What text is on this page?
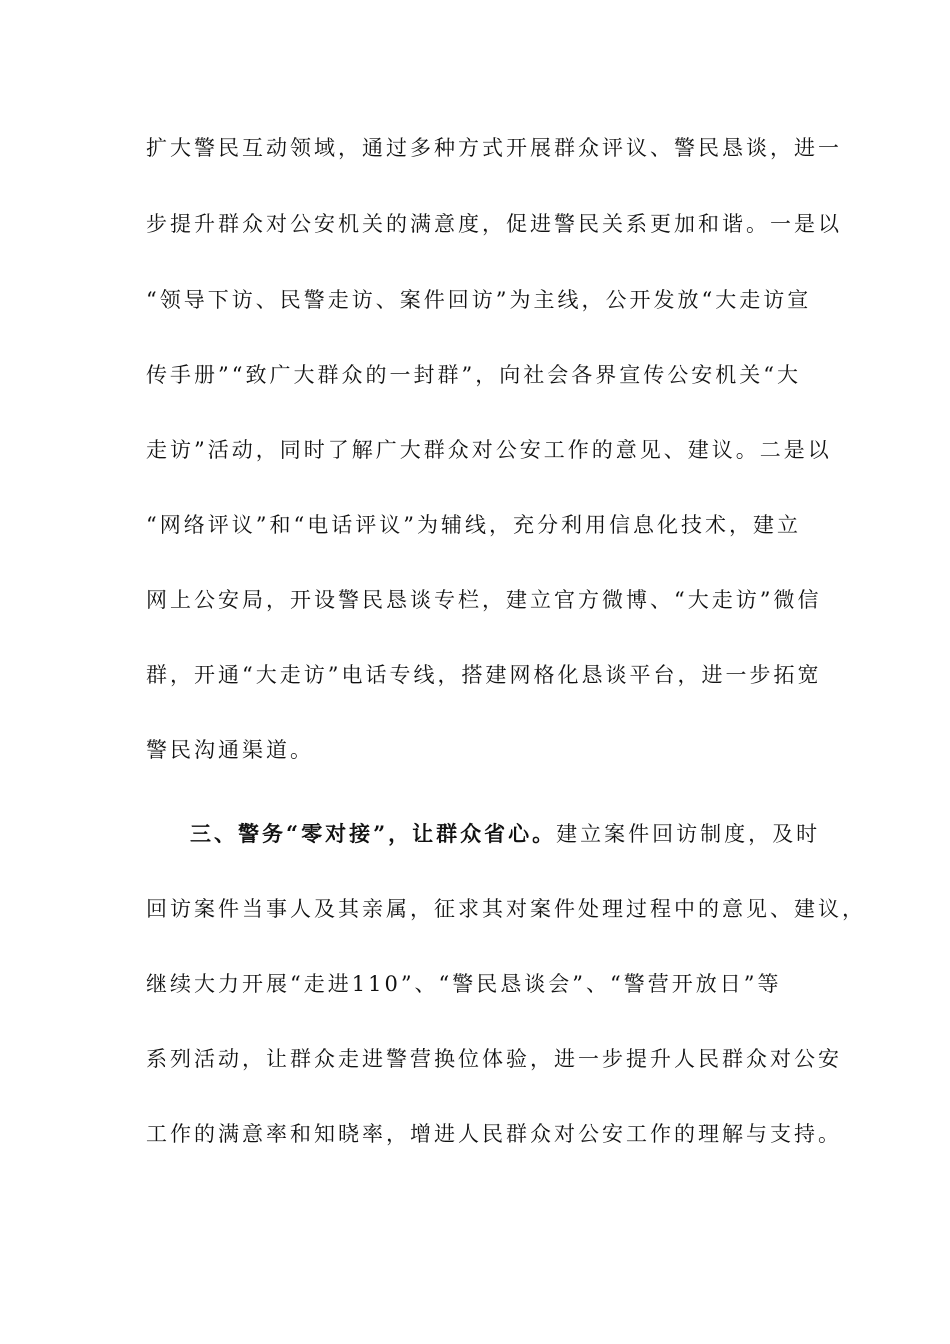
扩大警民互动领域，通过多种方式开展群众评议、警民恳谈，进一
步提升群众对公安机关的满意度，促进警民关系更加和谐。一是以
“领导下访、民警走访、案件回访”为主线，公开发放“大走访宣
传手册”“致广大群众的一封群”，向社会各界宣传公安机关“大
走访”活动，同时了解广大群众对公安工作的意见、建议。二是以
“网络评议”和“电话评议”为辅线，充分利用信息化技术，建立
网上公安局，开设警民恳谈专栏，建立官方微博、“大走访”微信
群，开通“大走访”电话专线，搭建网格化恳谈平台，进一步拓宽
警民沟通渠道。
三、警务“零对接”，让群众省心。建立案件回访制度，及时
回访案件当事人及其亲属，征求其对案件处理过程中的意见、建议，
继续大力开展“走进110”、“警民恳谈会”、“警营开放日”等
系列活动，让群众走进警营换位体验，进一步提升人民群众对公安
工作的满意率和知晓率，增进人民群众对公安工作的理解与支持。
